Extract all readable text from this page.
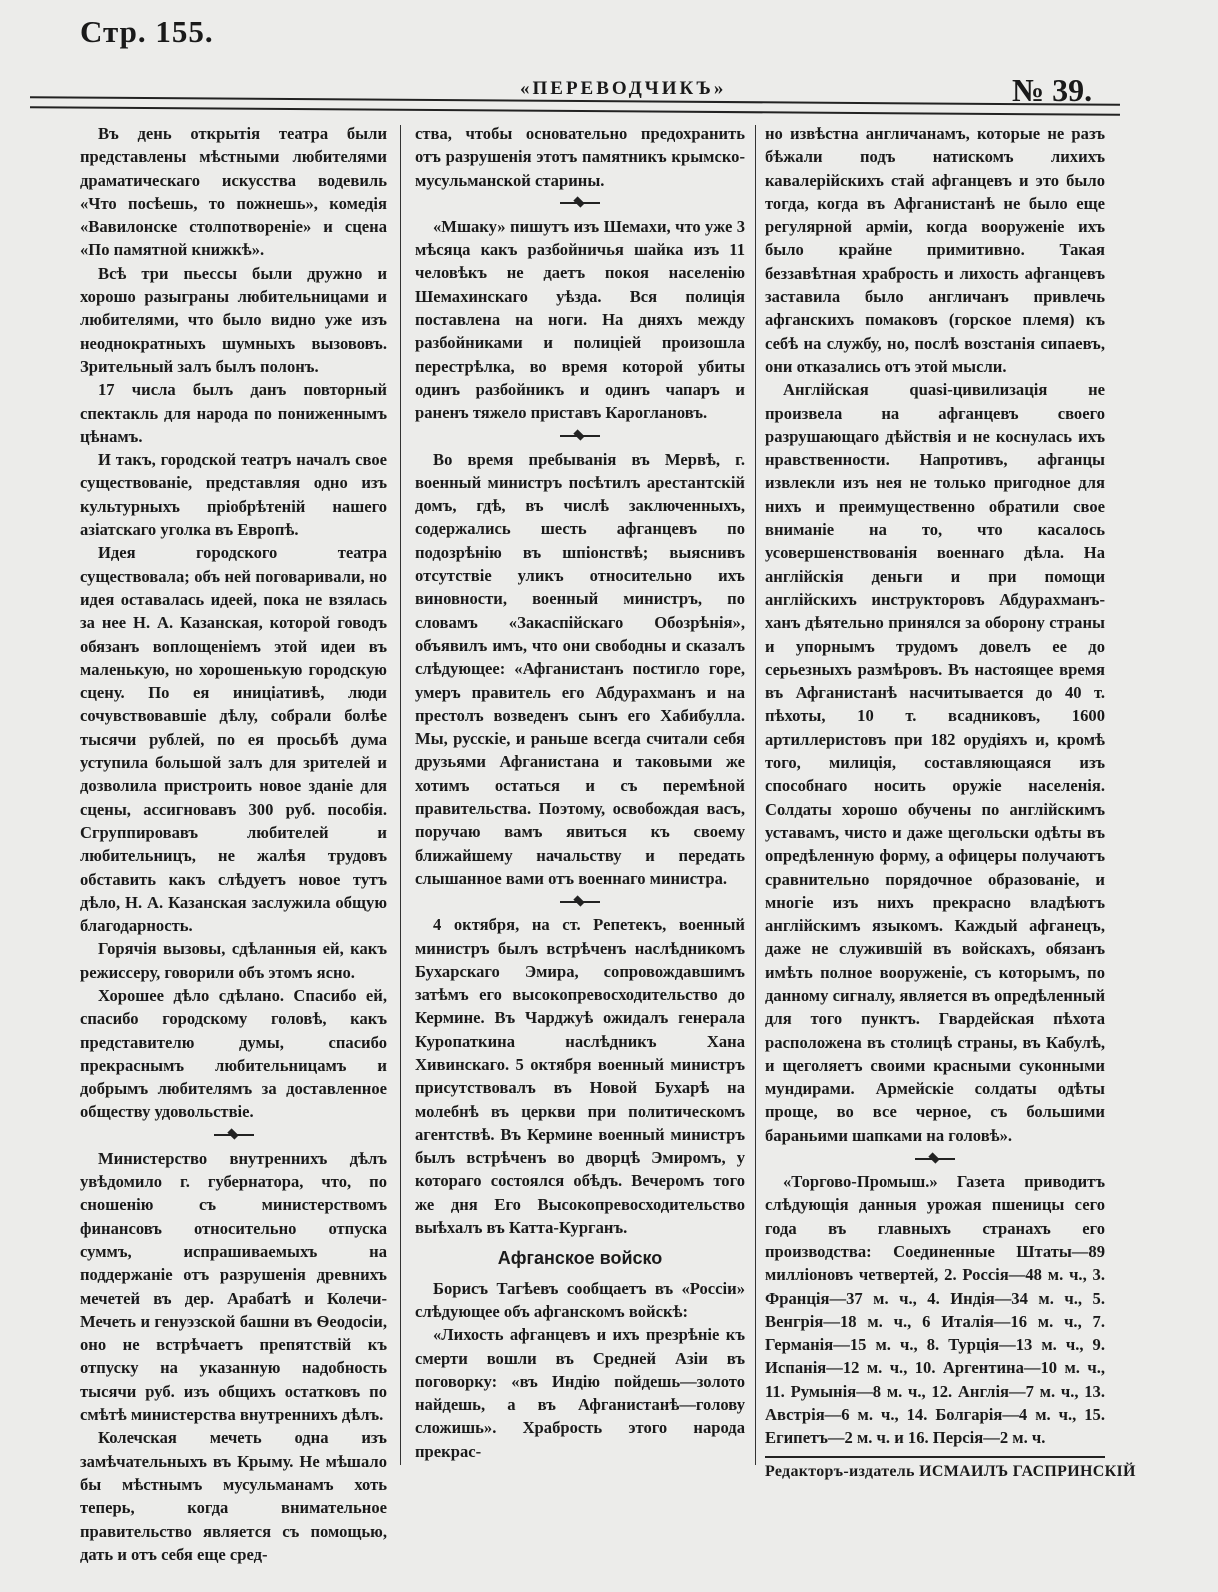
Стр. 155.
«ПЕРЕВОДЧИКЪ»	№ 39.

Въ день открытія театра были представлены мѣстными любителями драматическаго искусства водевиль «Что посѣешь, то пожнешь», комедія «Вавилонске столпотвореніе» и сцена «По памятной книжкѣ».

Всѣ три пьессы были дружно и хорошо разыграны любительницами и любителями, что было видно уже изъ неоднократныхъ шумныхъ вызововъ. Зрительный залъ былъ полонъ.

17 числа былъ данъ повторный спектакль для народа по пониженнымъ цѣнамъ.

И такъ, городской театръ началъ свое существованіе, представляя одно изъ культурныхъ пріобрѣтеній нашего азіатскаго уголка въ Европѣ.

Идея городского театра существовала; объ ней поговаривали, но идея оставалась идеей, пока не взялась за нее Н. А. Казанская, которой говодъ обязанъ воплощеніемъ этой идеи въ маленькую, но хорошенькую городскую сцену. По ея иниціативѣ, люди сочувствовавшіе дѣлу, собрали болѣе тысячи рублей, по ея просьбѣ дума уступила большой залъ для зрителей и дозволила пристроить новое зданіе для сцены, ассигновавъ 300 руб. пособія. Сгруппировавъ любителей и любительницъ, не жалѣя трудовъ обставить какъ слѣдуетъ новое тутъ дѣло, Н. А. Казанская заслужила общую благодарность.

Горячія вызовы, сдѣланныя ей, какъ режиссеру, говорили объ этомъ ясно.

Хорошее дѣло сдѣлано. Спасибо ей, спасибо городскому головѣ, какъ представителю думы, спасибо прекраснымъ любительницамъ и добрымъ любителямъ за доставленное обществу удовольствіе.

Министерство внутреннихъ дѣлъ увѣдомило г. губернатора, что, по сношенію съ министерствомъ финансовъ относительно отпуска суммъ, испрашиваемыхъ на поддержаніе отъ разрушенія древнихъ мечетей въ дер. Арабатѣ и Колечи-Мечеть и генуэзской башни въ Ѳеодосіи, оно не встрѣчаетъ препятствій къ отпуску на указанную надобность тысячи руб. изъ общихъ остатковъ по смѣтѣ министерства внутреннихъ дѣлъ.

Колечская мечеть одна изъ замѣчательныхъ въ Крыму. Не мѣшало бы мѣстнымъ мусульманамъ хоть теперь, когда внимательное правительство является съ помощью, дать и отъ себя еще сред-

ства, чтобы основательно предохранить отъ разрушенія этотъ памятникъ крымско-мусульманской старины.

«Мшаку» пишутъ изъ Шемахи, что уже 3 мѣсяца какъ разбойничья шайка изъ 11 человѣкъ не даетъ покоя населенію Шемахинскаго уѣзда. Вся полиція поставлена на ноги. На дняхъ между разбойниками и полиціей произошла перестрѣлка, во время которой убиты одинъ разбойникъ и одинъ чапаръ и раненъ тяжело приставъ Кароглановъ.

Во время пребыванія въ Мервѣ, г. военный министръ посѣтилъ арестантскій домъ, гдѣ, въ числѣ заключенныхъ, содержались шесть афганцевъ по подозрѣнію въ шпіонствѣ; выяснивъ отсутствіе уликъ относительно ихъ виновности, военный министръ, по словамъ «Закаспійскаго Обозрѣнія», объявилъ имъ, что они свободны и сказалъ слѣдующее: «Афганистанъ постигло горе, умеръ правитель его Абдурахманъ и на престолъ возведенъ сынъ его Хабибулла. Мы, русскіе, и раньше всегда считали себя друзьями Афганистана и таковыми же хотимъ остаться и съ перемѣной правительства. Поэтому, освобождая васъ, поручаю вамъ явиться къ своему ближайшему начальству и передать слышанное вами отъ военнаго министра.

4 октября, на ст. Репетекъ, военный министръ былъ встрѣченъ наслѣдникомъ Бухарскаго Эмира, сопровождавшимъ затѣмъ его высокопревосходительство до Кермине. Въ Чарджуѣ ожидалъ генерала Куропаткина наслѣдникъ Хана Хивинскаго. 5 октября военный министръ присутствовалъ въ Новой Бухарѣ на молебнѣ въ церкви при политическомъ агентствѣ. Въ Кермине военный министръ былъ встрѣченъ во дворцѣ Эмиромъ, у котораго состоялся обѣдъ. Вечеромъ того же дня Его Высокопревосходительство выѣхалъ въ Катта-Курганъ.

Афганское войско

Борисъ Тагѣевъ сообщаетъ въ «Россіи» слѣдующее объ афганскомъ войскѣ:

«Лихость афганцевъ и ихъ презрѣніе къ смерти вошли въ Средней Азіи въ поговорку: «въ Индію пойдешь—золото найдешь, а въ Афганистанѣ—голову сложишь». Храбрость этого народа прекрас-

но извѣстна англичанамъ, которые не разъ бѣжали подъ натискомъ лихихъ кавалерійскихъ стай афганцевъ и это было тогда, когда въ Афганистанѣ не было еще регулярной арміи, когда вооруженіе ихъ было крайне примитивно. Такая беззавѣтная храбрость и лихость афганцевъ заставила было англичанъ привлечь афганскихъ помаковъ (горское племя) къ себѣ на службу, но, послѣ возстанія сипаевъ, они отказались отъ этой мысли.

Англійская quasi-цивилизація не произвела на афганцевъ своего разрушающаго дѣйствія и не коснулась ихъ нравственности. Напротивъ, афганцы извлекли изъ нея не только пригодное для нихъ и преимущественно обратили свое вниманіе на то, что касалось усовершенствованія военнаго дѣла. На англійскія деньги и при помощи англійскихъ инструкторовъ Абдурахманъ-ханъ дѣятельно принялся за оборону страны и упорнымъ трудомъ довелъ ее до серьезныхъ размѣровъ. Въ настоящее время въ Афганистанѣ насчитывается до 40 т. пѣхоты, 10 т. всадниковъ, 1600 артиллеристовъ при 182 орудіяхъ и, кромѣ того, милиція, составляющаяся изъ способнаго носить оружіе населенія. Солдаты хорошо обучены по англійскимъ уставамъ, чисто и даже щегольски одѣты въ опредѣленную форму, а офицеры получаютъ сравнительно порядочное образованіе, и многіе изъ нихъ прекрасно владѣютъ англійскимъ языкомъ. Каждый афганецъ, даже не служившій въ войскахъ, обязанъ имѣть полное вооруженіе, съ которымъ, по данному сигналу, является въ опредѣленный для того пунктъ. Гвардейская пѣхота расположена въ столицѣ страны, въ Кабулѣ, и щеголяетъ своими красными суконными мундирами. Армейскіе солдаты одѣты проще, во все черное, съ большими бараньими шапками на головѣ».

«Торгово-Промыш.» Газета приводитъ слѣдующія данныя урожая пшеницы сего года въ главныхъ странахъ его производства: Соединенные Штаты—89 милліоновъ четвертей, 2. Россія—48 м. ч., 3. Франція—37 м. ч., 4. Индія—34 м. ч., 5. Венгрія—18 м. ч., 6 Италія—16 м. ч., 7. Германія—15 м. ч., 8. Турція—13 м. ч., 9. Испанія—12 м. ч., 10. Аргентина—10 м. ч., 11. Румынія—8 м. ч., 12. Англія—7 м. ч., 13. Австрія—6 м. ч., 14. Болгарія—4 м. ч., 15. Египетъ—2 м. ч. и 16. Персія—2 м. ч.

Редакторъ-издатель ИСМАИЛЪ ГАСПРИНСКІЙ
